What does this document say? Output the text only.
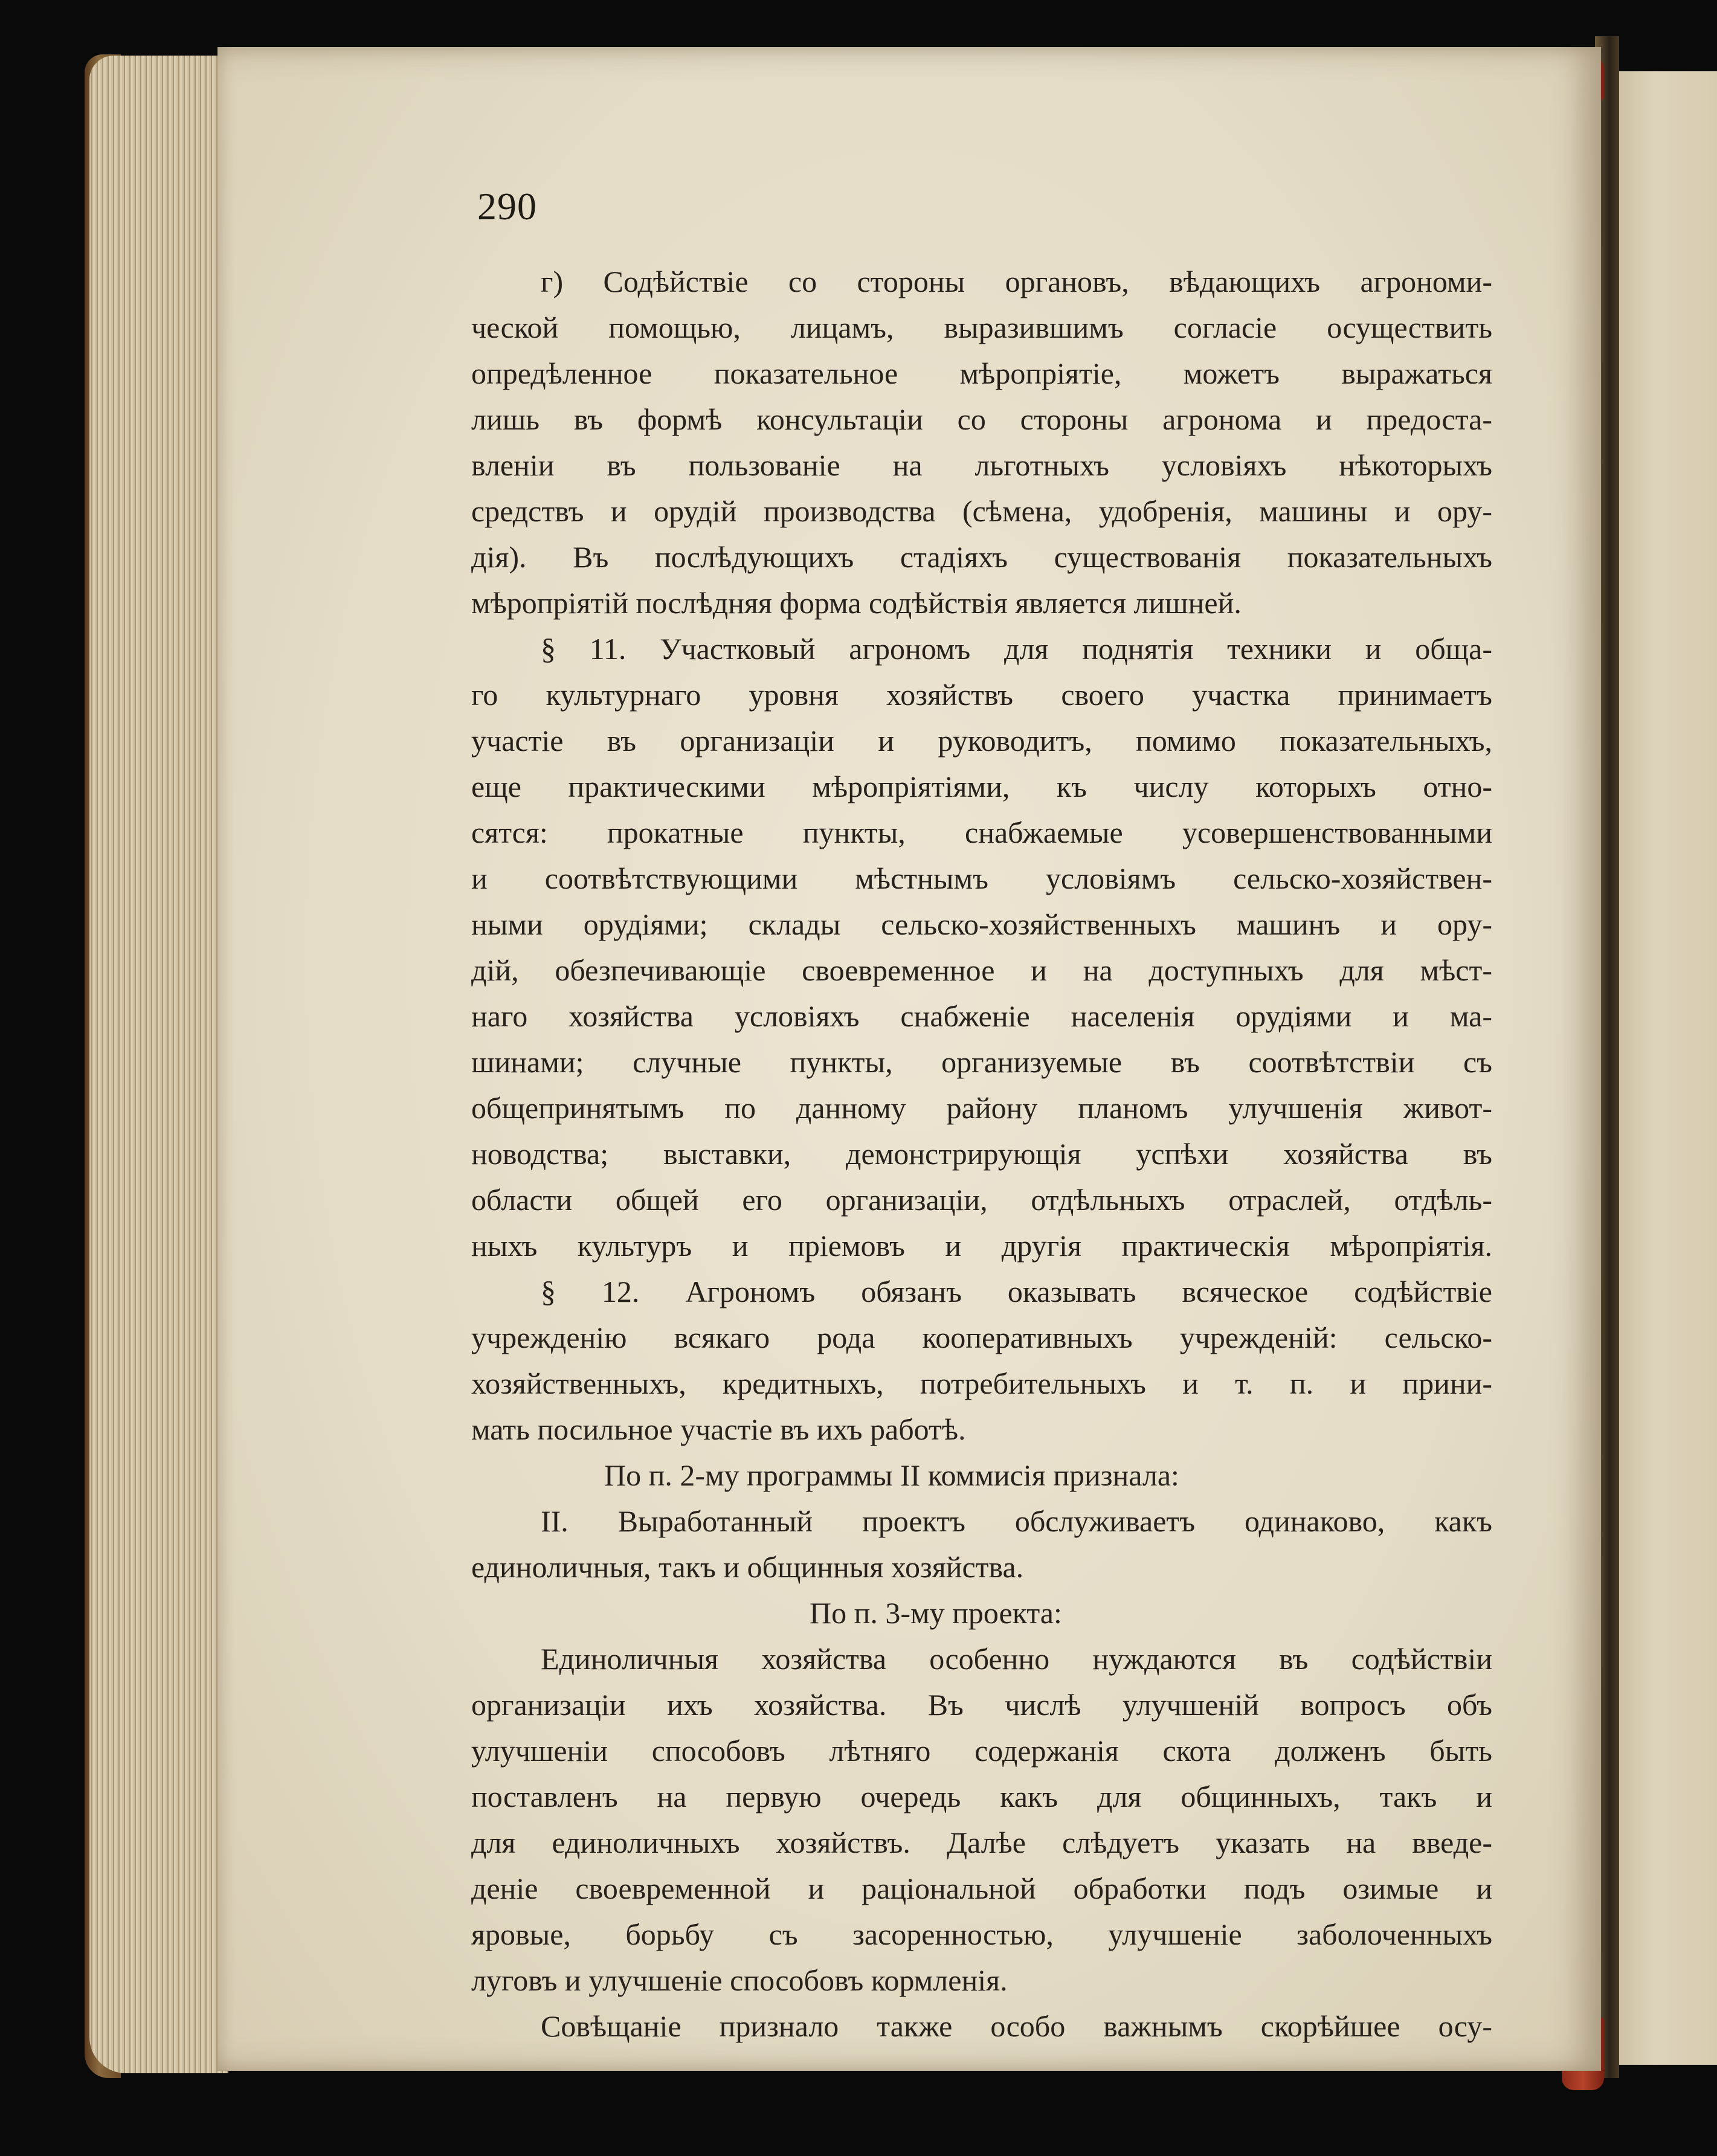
290
г) Содѣйствіе со стороны органовъ, вѣдающихъ агрономи-
ческой помощью, лицамъ, выразившимъ согласіе осуществить
опредѣленное показательное мѣропріятіе, можетъ выражаться
лишь въ формѣ консультаціи со стороны агронома и предоста-
вленіи въ пользованіе на льготныхъ условіяхъ нѣкоторыхъ
средствъ и орудій производства (сѣмена, удобренія, машины и ору-
дія). Въ послѣдующихъ стадіяхъ существованія показательныхъ
мѣропріятій послѣдняя форма содѣйствія является лишней.
§ 11. Участковый агрономъ для поднятія техники и обща-
го культурнаго уровня хозяйствъ своего участка принимаетъ
участіе въ организаціи и руководитъ, помимо показательныхъ,
еще практическими мѣропріятіями, къ числу которыхъ отно-
сятся: прокатные пункты, снабжаемые усовершенствованными
и соотвѣтствующими мѣстнымъ условіямъ сельско-хозяйствен-
ными орудіями; склады сельско-хозяйственныхъ машинъ и ору-
дій, обезпечивающіе своевременное и на доступныхъ для мѣст-
наго хозяйства условіяхъ снабженіе населенія орудіями и ма-
шинами; случные пункты, организуемые въ соотвѣтствіи съ
общепринятымъ по данному району планомъ улучшенія живот-
новодства; выставки, демонстрирующія успѣхи хозяйства въ
области общей его организаціи, отдѣльныхъ отраслей, отдѣль-
ныхъ культуръ и пріемовъ и другія практическія мѣропріятія.
§ 12. Агрономъ обязанъ оказывать всяческое содѣйствіе
учрежденію всякаго рода кооперативныхъ учрежденій: сельско-
хозяйственныхъ, кредитныхъ, потребительныхъ и т. п. и прини-
мать посильное участіе въ ихъ работѣ.
По п. 2-му программы II коммисія признала:
II. Выработанный проектъ обслуживаетъ одинаково, какъ
единоличныя, такъ и общинныя хозяйства.
По п. 3-му проекта:
Единоличныя хозяйства особенно нуждаются въ содѣйствіи
организаціи ихъ хозяйства. Въ числѣ улучшеній вопросъ объ
улучшеніи способовъ лѣтняго содержанія скота долженъ быть
поставленъ на первую очередь какъ для общинныхъ, такъ и
для единоличныхъ хозяйствъ. Далѣе слѣдуетъ указать на введе-
деніе своевременной и раціональной обработки подъ озимые и
яровые, борьбу съ засоренностью, улучшеніе заболоченныхъ
луговъ и улучшеніе способовъ кормленія.
Совѣщаніе признало также особо важнымъ скорѣйшее осу-
